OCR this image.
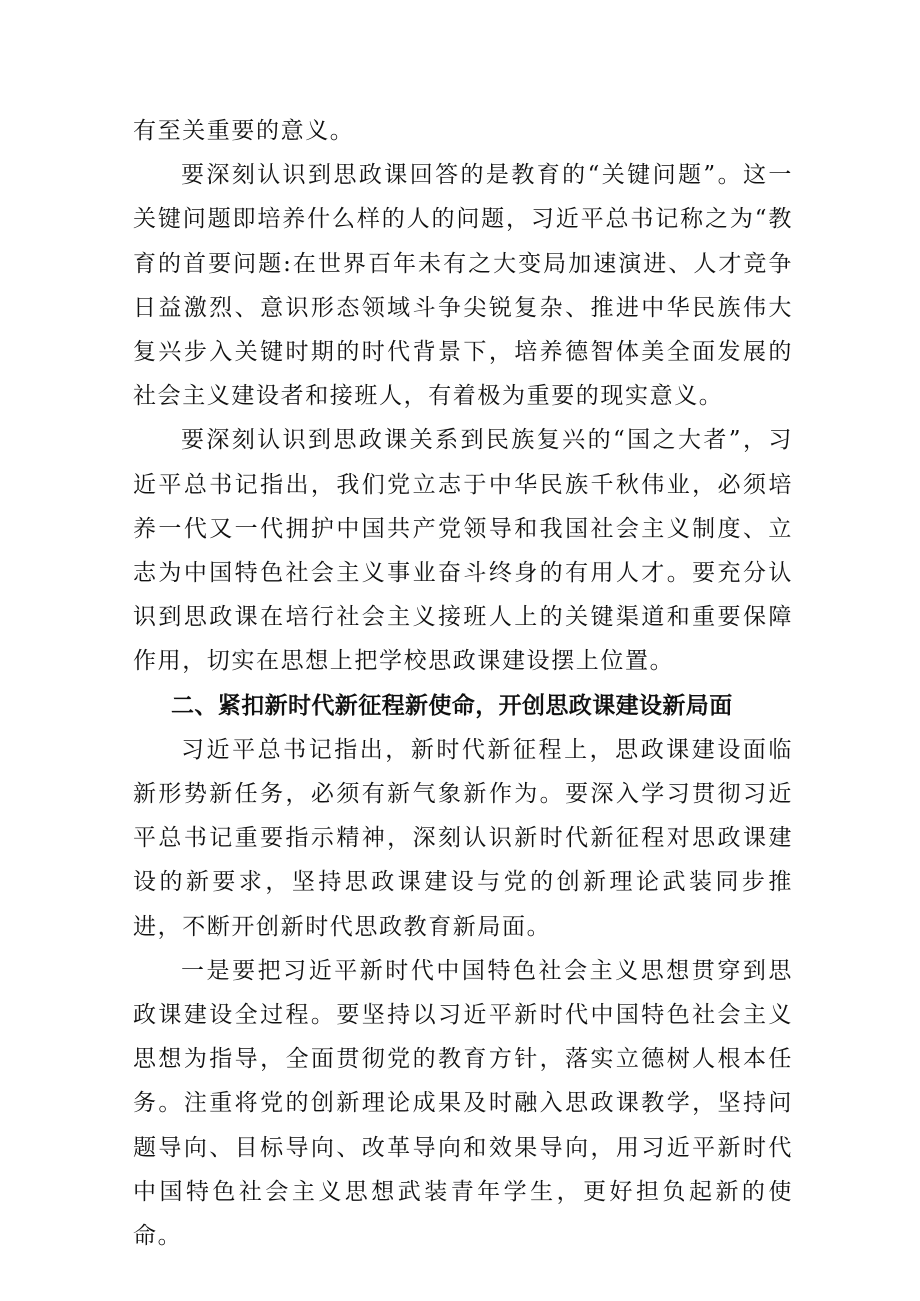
有至关重要的意义。

要深刻认识到思政课回答的是教育的“关键问题”。这一关键问题即培养什么样的人的问题，习近平总书记称之为“教育的首要问题:在世界百年未有之大变局加速演进、人才竞争日益激烈、意识形态领域斗争尖锐复杂、推进中华民族伟大复兴步入关键时期的时代背景下，培养德智体美全面发展的社会主义建设者和接班人，有着极为重要的现实意义。

要深刻认识到思政课关系到民族复兴的“国之大者”，习近平总书记指出，我们党立志于中华民族千秋伟业，必须培养一代又一代拥护中国共产党领导和我国社会主义制度、立志为中国特色社会主义事业奋斗终身的有用人才。要充分认识到思政课在培行社会主义接班人上的关键渠道和重要保障作用，切实在思想上把学校思政课建设摆上位置。

二、紧扣新时代新征程新使命，开创思政课建设新局面

习近平总书记指出，新时代新征程上，思政课建设面临新形势新任务，必须有新气象新作为。要深入学习贯彻习近平总书记重要指示精神，深刻认识新时代新征程对思政课建设的新要求，坚持思政课建设与党的创新理论武装同步推进，不断开创新时代思政教育新局面。

一是要把习近平新时代中国特色社会主义思想贯穿到思政课建设全过程。要坚持以习近平新时代中国特色社会主义思想为指导，全面贯彻党的教育方针，落实立德树人根本任务。注重将党的创新理论成果及时融入思政课教学，坚持问题导向、目标导向、改革导向和效果导向，用习近平新时代中国特色社会主义思想武装青年学生，更好担负起新的使命。
